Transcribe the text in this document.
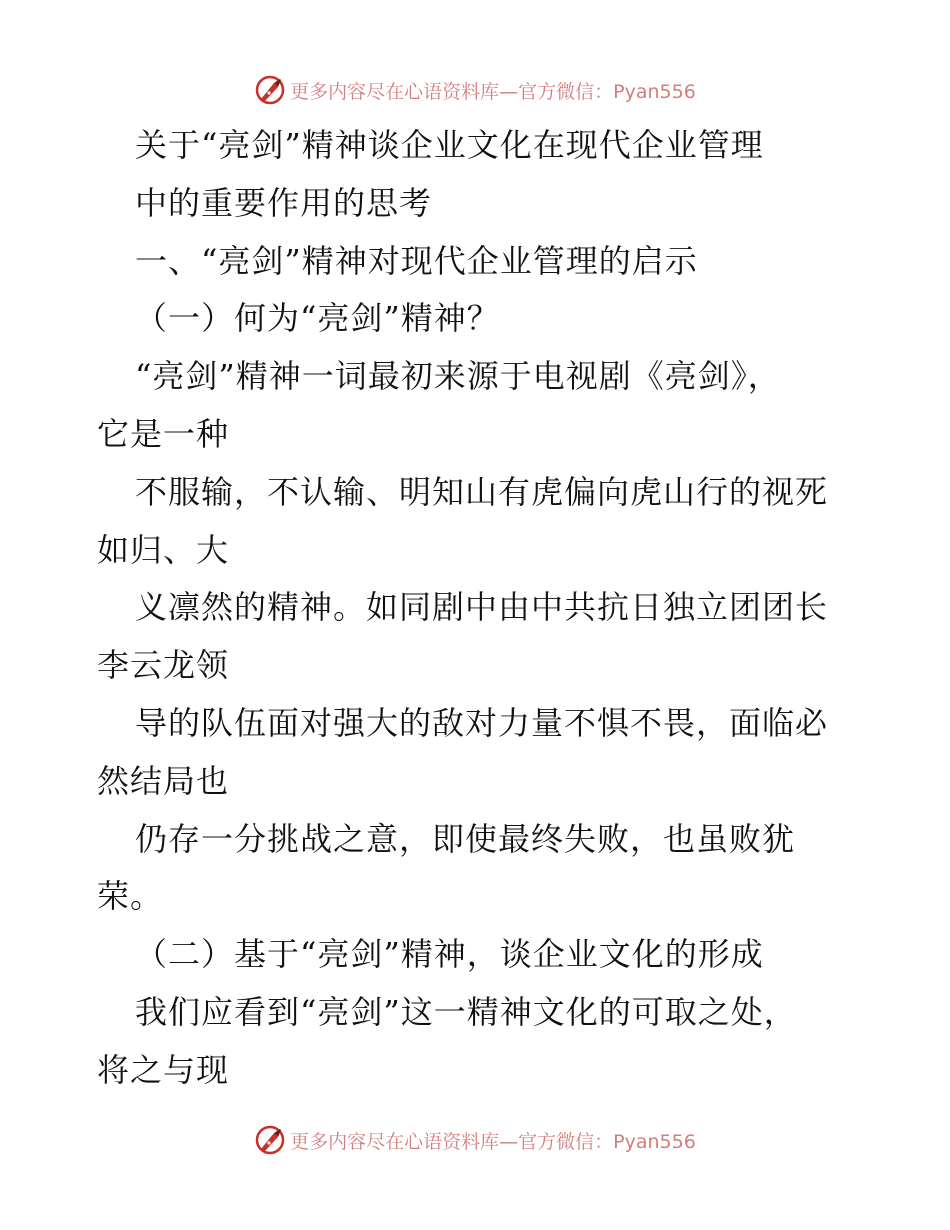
更多内容尽在心语资料库—官方微信：Pyan556
关于“亮剑”精神谈企业文化在现代企业管理
中的重要作用的思考
一、“亮剑”精神对现代企业管理的启示
（一）何为“亮剑”精神？
“亮剑”精神一词最初来源于电视剧《亮剑》，
它是一种
不服输，不认输、明知山有虎偏向虎山行的视死
如归、大
义凛然的精神。如同剧中由中共抗日独立团团长
李云龙领
导的队伍面对强大的敌对力量不惧不畏，面临必
然结局也
仍存一分挑战之意，即使最终失败，也虽败犹
荣。
（二）基于“亮剑”精神，谈企业文化的形成
我们应看到“亮剑”这一精神文化的可取之处，
将之与现
更多内容尽在心语资料库—官方微信：Pyan556
